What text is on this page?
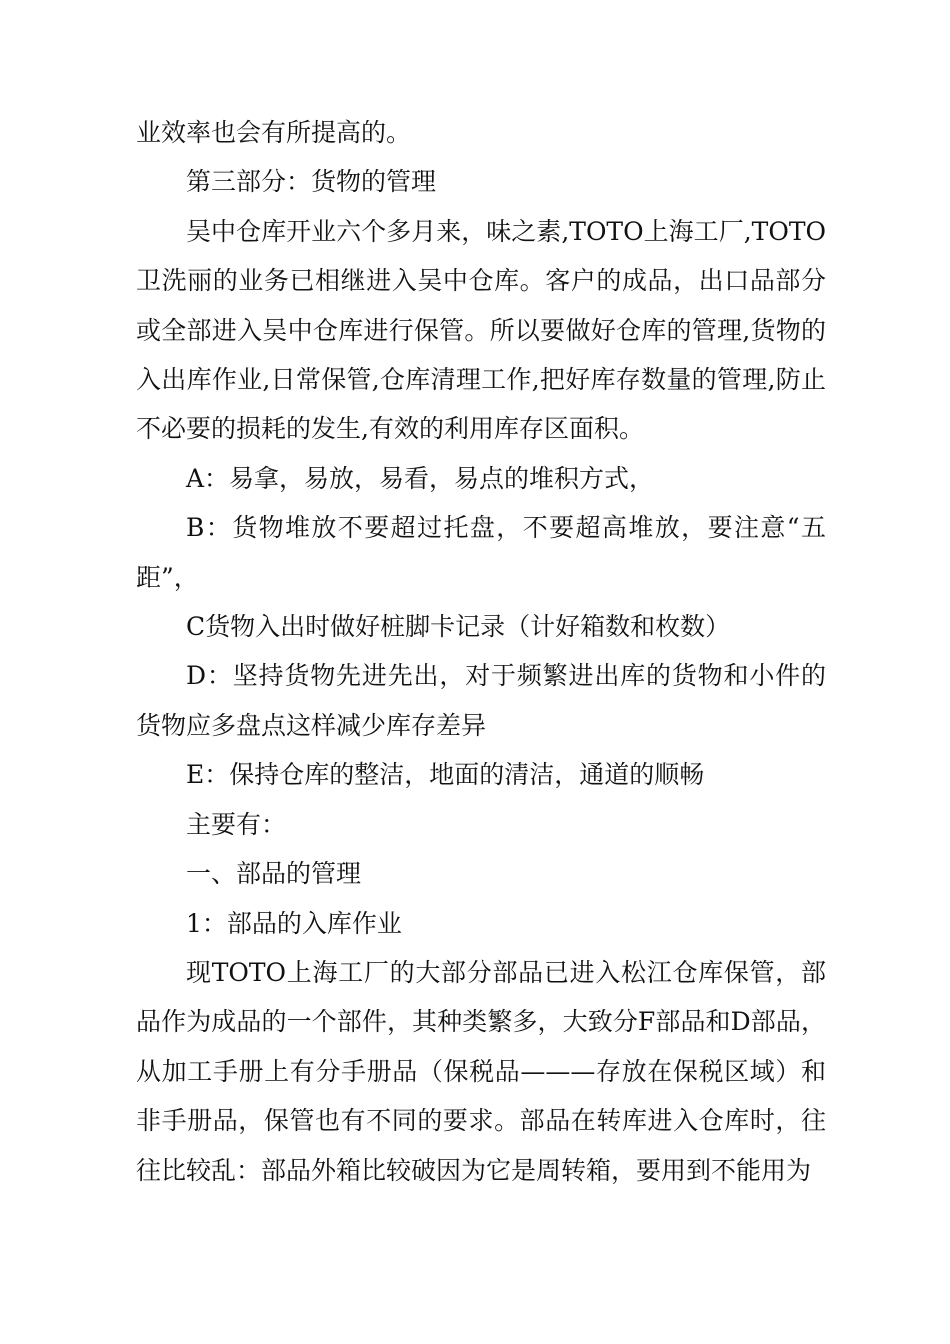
业效率也会有所提高的。

第三部分：货物的管理

吴中仓库开业六个多月来，味之素,TOTO上海工厂,TOTO卫洗丽的业务已相继进入吴中仓库。客户的成品，出口品部分或全部进入吴中仓库进行保管。所以要做好仓库的管理,货物的入出库作业,日常保管,仓库清理工作,把好库存数量的管理,防止不必要的损耗的发生,有效的利用库存区面积。

A：易拿，易放，易看，易点的堆积方式，

B：货物堆放不要超过托盘，不要超高堆放，要注意“五距”，

C货物入出时做好桩脚卡记录（计好箱数和枚数）

D：坚持货物先进先出，对于频繁进出库的货物和小件的货物应多盘点这样减少库存差异

E：保持仓库的整洁，地面的清洁，通道的顺畅

主要有：

一、部品的管理

1：部品的入库作业

现TOTO上海工厂的大部分部品已进入松江仓库保管，部品作为成品的一个部件，其种类繁多，大致分F部品和D部品，从加工手册上有分手册品（保税品———存放在保税区域）和非手册品，保管也有不同的要求。部品在转库进入仓库时，往往比较乱：部品外箱比较破因为它是周转箱，要用到不能用为
